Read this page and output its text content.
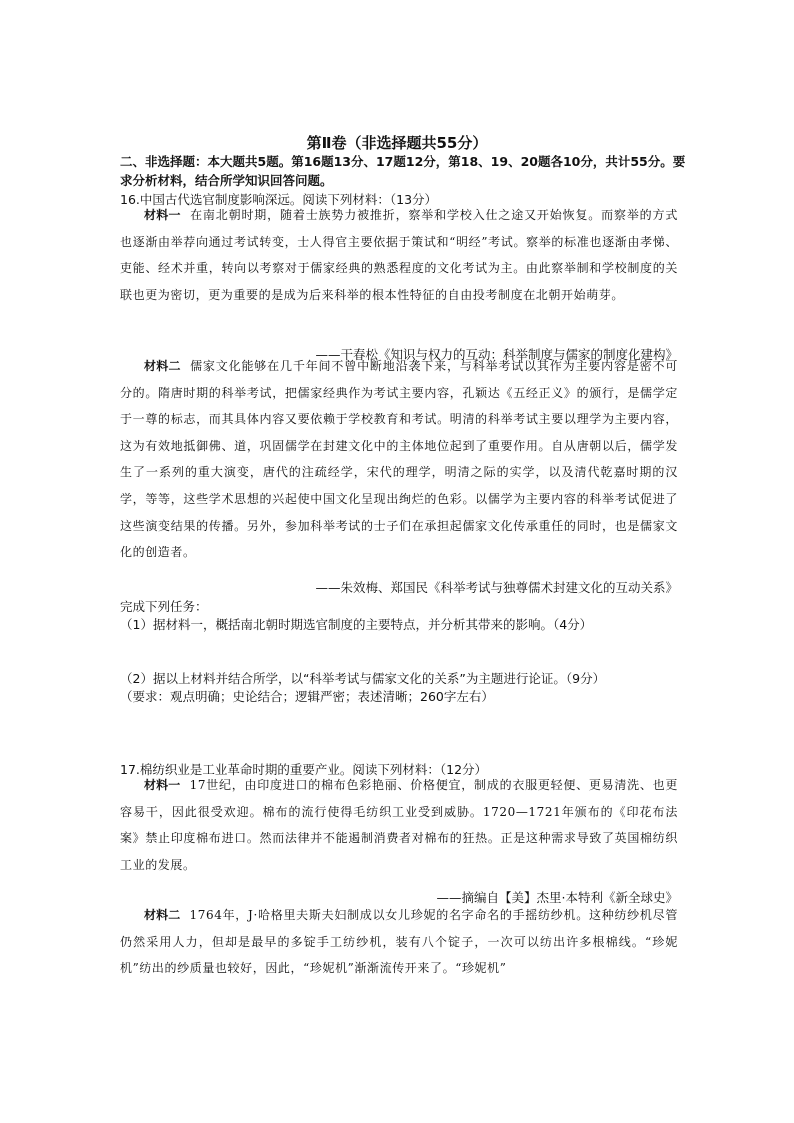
第Ⅱ卷（非选择题共55分）
二、非选择题：本大题共5题。第16题13分、17题12分，第18、19、20题各10分，共计55分。要求分析材料，结合所学知识回答问题。
16.中国古代选官制度影响深远。阅读下列材料：（13分）
材料一 在南北朝时期，随着士族势力被推折，察举和学校入仕之途又开始恢复。而察举的方式也逐渐由举荐向通过考试转变，士人得官主要依据于策试和“明经”考试。察举的标准也逐渐由孝悌、吏能、经术并重，转向以考察对于儒家经典的熟悉程度的文化考试为主。由此察举制和学校制度的关联也更为密切，更为重要的是成为后来科举的根本性特征的自由投考制度在北朝开始萌芽。
——干春松《知识与权力的互动：科举制度与儒家的制度化建构》
材料二 儒家文化能够在几千年间不曾中断地沿袭下来，与科举考试以其作为主要内容是密不可分的。隋唐时期的科举考试，把儒家经典作为考试主要内容，孔颖达《五经正义》的颁行，是儒学定于一尊的标志，而其具体内容又要依赖于学校教育和考试。明清的科举考试主要以理学为主要内容，这为有效地抵御佛、道，巩固儒学在封建文化中的主体地位起到了重要作用。自从唐朝以后，儒学发生了一系列的重大演变，唐代的注疏经学，宋代的理学，明清之际的实学，以及清代乾嘉时期的汉学，等等，这些学术思想的兴起使中国文化呈现出绚烂的色彩。以儒学为主要内容的科举考试促进了这些演变结果的传播。另外，参加科举考试的士子们在承担起儒家文化传承重任的同时，也是儒家文化的创造者。
——朱效梅、郑国民《科举考试与独尊儒术封建文化的互动关系》
完成下列任务：
（1）据材料一，概括南北朝时期选官制度的主要特点，并分析其带来的影响。（4分）
（2）据以上材料并结合所学，以“科举考试与儒家文化的关系”为主题进行论证。（9分）
（要求：观点明确；史论结合；逻辑严密；表述清晰；260字左右）
17.棉纺织业是工业革命时期的重要产业。阅读下列材料：（12分）
材料一 17世纪，由印度进口的棉布色彩艳丽、价格便宜，制成的衣服更轻便、更易清洗、也更容易干，因此很受欢迎。棉布的流行使得毛纺织工业受到威胁。1720—1721年颁布的《印花布法案》禁止印度棉布进口。然而法律并不能遏制消费者对棉布的狂热。正是这种需求导致了英国棉纺织工业的发展。
——摘编自【美】杰里·本特利《新全球史》
材料二 1764年，J·哈格里夫斯夫妇制成以女儿珍妮的名字命名的手摇纺纱机。这种纺纱机尽管仍然采用人力，但却是最早的多锭手工纺纱机，装有八个锭子，一次可以纺出许多根棉线。“珍妮机”纺出的纱质量也较好，因此，“珍妮机”渐渐流传开来了。“珍妮机”
